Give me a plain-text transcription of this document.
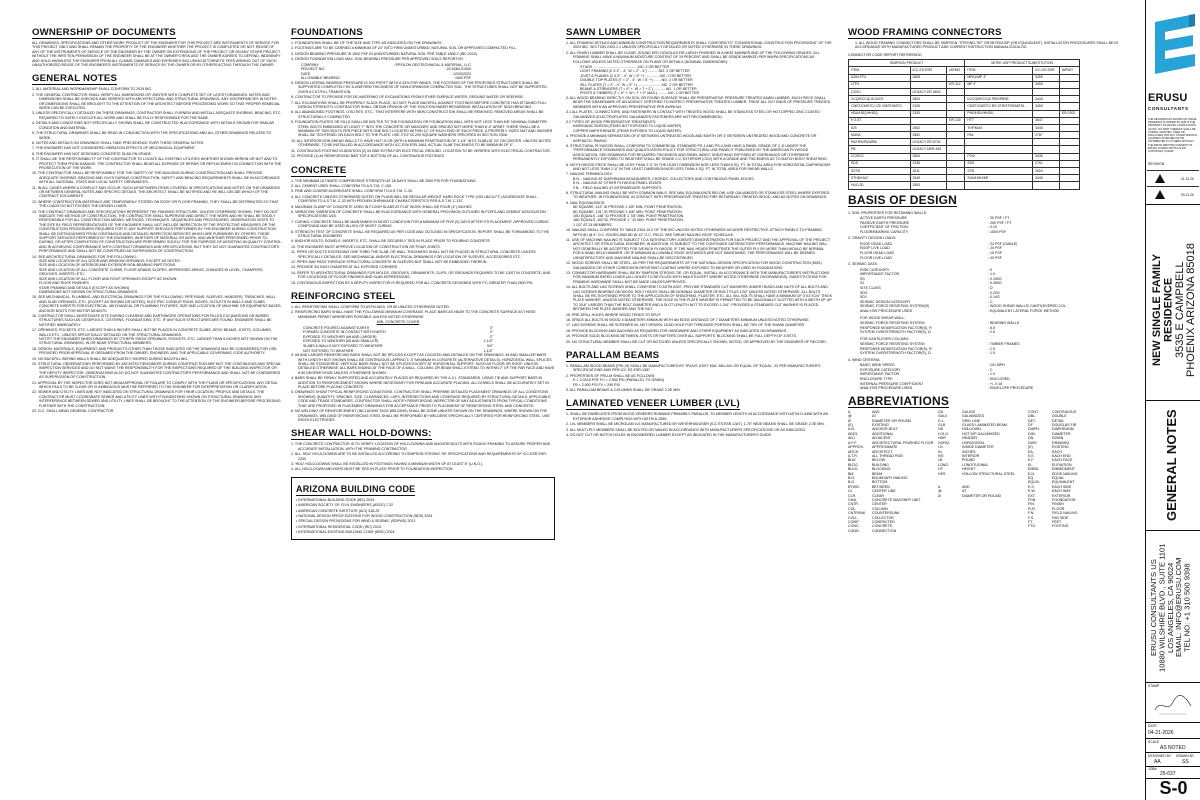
OWNERSHIP OF DOCUMENTS
ALL DRAWINGS, SPECIFICATIONS AND OTHER WORK PRODUCT OF THE ENGINEER FOR THIS PROJECT ARE INSTRUMENTS OF SERVICE FOR THIS PROJECT ONLY AND SHALL REMAIN THE PROPERTY OF THE ENGINEER WHETHER THE PROJECT IS COMPLETED OR NOT. REUSE OF ANY OF THE INSTRUMENTS OF SERVICE OF THE ENGINEER BY THE OWNER ON EXTENSIONS OF THE PROJECT OR ON ANY OTHER PROJECT WITHOUT THE WRITTEN PERMISSION OF THE ENGINEER SHALL BE AT THE OWNER'S RISK AND THE OWNER AGREES TO DEFEND, INDEMNIFY AND HOLD HARMLESS THE ENGINEER FROM ALL CLAIMS, DAMAGES AND EXPENSES INCLUDING ATTORNEYS' FEES ARISING OUT OF SUCH UNAUTHORIZED REUSE OF THE ENGINEER'S INSTRUMENTS OF SERVICE BY THE OWNER OR BY OTHERS ACTING THROUGH THE OWNER.
GENERAL NOTES
1. ALL MATERIAL AND WORKMANSHIP SHALL CONFORM TO 2024 IBC.
2. THE GENERAL CONTRACTOR SHALL VERIFY ALL DIMENSIONS OR JOINTER WITH COMPLETE SET OF LATEST DRAWINGS, NOTES AND DIMENSIONS SHALL BE CHECKED AND VERIFIED WITH ARCHITECTURAL AND STRUCTURAL DRAWINGS. ANY DISCREPANCIES IN NOTES OR DIMENSIONS SHALL BE BROUGHT TO THE ATTENTION OF THE ARCHITECT BEFORE PROCEEDING WORK SO THAT PROPER REMEDIAL WORK CAN BE EXECUTED.
3. UNLESS SPECIFICALLY DETAILED ON THESE DRAWINGS, CONTRACTOR SHALL FURNISH AND INSTALL ADEQUATE SHORING, BRACING, ETC. REQUIRED TO SAFELY EXECUTE ALL WORK AND SHALL BE FULLY RESPONSIBLE FOR THE SAME.
4. DETAILS AND CONDITIONS NOT SPECIFICALLY SHOWN SHALL BE CONSTRUCTED IN ACCORDANCE WITH DETAILS SHOWN FOR SIMILAR CONDITION AND MATERIAL.
5. THE STRUCTURAL DRAWINGS SHALL BE READ IN CONJUNCTION WITH THE SPECIFICATIONS AND ALL OTHER DRAWINGS RELATED TO WORK.
6. NOTES AND DETAILS ON DRAWINGS SHALL TAKE PRECEDENCE OVER THESE GENERAL NOTES.
7. THE ENGINEER HAS NOT CONSIDERED VIBRATION EFFECTS OF MECHANICAL EQUIPMENT.
8. THE ENGINEER HAS NOT DESIGNED CONCRETE SLAB ON GRADE.
9. IT SHALL BE THE RESPONSIBILITY OF THE CONTRACTOR TO LOCATE ALL EXISTING UTILITIES WHETHER SHOWN HEREIN OR NOT AND TO PROTECT THEM FROM DAMAGE. THE CONTRACTOR SHALL BEAR ALL EXPENSE OF REPAIR OR REPLACEMENT IN CONNECTION WITH THE PROSECUTION OF THE WORK.
10. THE CONTRACTOR SHALL BE RESPONSIBLE FOR THE SAFETY OF THE BUILDING DURING CONSTRUCTION AND SHALL PROVIDE ADEQUATE SHORING, BRACING AND GUYS DURING CONSTRUCTION. SAFETY AND BRACING REQUIREMENTS SHALL BE IN ACCORDANCE WITH ALL NATIONAL, STATE AND LOCAL SAFETY ORDINANCES.
11. IN ALL CASES WHERE A CONFLICT MAY OCCUR, SUCH AS BETWEEN ITEMS COVERED IN SPECIFICATIONS AND NOTES ON THE DRAWINGS OR BETWEEN GENERAL NOTES AND SPECIFIC DETAILS, THE ARCHITECT SHALL BE NOTIFIED AND HE WILL DECIDE WHICH OF THE CONTRACT DOCUMENTS.
12. WHERE CONSTRUCTION MATERIALS ARE TEMPORARILY STORED ON ROOF OR FLOOR FRAMING, THEY SHALL BE DISTRIBUTED SO THAT THE LOADS DO NOT EXCEED THE DESIGN LOADS.
13. THE CONTRACT DRAWINGS AND SPECIFICATIONS REPRESENT THE FINISHED STRUCTURE. UNLESS OTHERWISE SHOWN, THEY DO NOT INDICATE THE METHOD OF CONSTRUCTION. THE CONTRACTOR SHALL SUPERVISE AND DIRECT THE WORK AND HE SHALL BE SOLELY RESPONSIBLE FOR ALL CONSTRUCTION MEANS, METHODS, TECHNIQUES, SEQUENCES AND PROCEDURES. OBSERVATION VISITS TO THE SITE BY FIELD REPRESENTATIVES OF THE ENGINEER SHALL NOT INCLUDE INSPECTION OF THE PROTECTIVE MEASURES OR THE CONSTRUCTION PROCEDURES REQUIRED FOR IT. ANY SUPPORT SERVICES PERFORMED BY THE ENGINEER DURING CONSTRUCTION SHALL BE DISTINGUISHED FROM CONTINUOUS AND DETAILED INSPECTION SERVICES WHICH ARE FURNISHED BY OTHERS. THESE SUPPORT SERVICES PERFORMED BY THE ENGINEER, WHETHER OF MATERIAL OR WORK, AND WHETHER PERFORMED PRIOR TO, DURING, OR AFTER COMPLETION OF CONSTRUCTION ARE PERFORMED SOLELY FOR THE PURPOSE OF ASSISTING IN QUALITY CONTROL AND IN ACHIEVING CONFORMANCE WITH CONTRACT DRAWINGS AND SPECIFICATIONS, BUT THEY DO NOT GUARANTEE CONTRACTOR'S PERFORMANCE AND SHALL NOT BE CONSTRUED AS SUPERVISION OF CONSTRUCTION.
14. SEE ARCHITECTURAL DRAWINGS FOR THE FOLLOWING:
SIZE AND LOCATION OF ALL DOOR AND WINDOW OPENINGS, EXCEPT AS NOTED.
SIZE AND LOCATION OF INTERIOR AND EXTERIOR NON-BEARING PARTITIONS.
SIZE AND LOCATION OF ALL CONCRETE CURBS, FLOOR DRAINS SLOPES, DEPRESSED AREAS, CHANGES IN LEVEL, CHAMFERS, GROOVES, INSERTS, ETC.
SIZE AND LOCATION OF ALL FLOOR AND ROOF OPENINGS EXCEPT AS SHOWN.
FLOOR AND ROOF FINISHES.
STAIR FRAMING AND DETAILS (EXCEPT AS SHOWN).
DIMENSIONS NOT SHOWN ON STRUCTURAL DRAWINGS.
15. SEE MECHANICAL, PLUMBING, AND ELECTRICAL DRAWINGS FOR THE FOLLOWING: PIPE RUNS, SLEEVES, HANGERS, TRENCHES, WALL AND SLAB OPENINGS, ETC. (EXCEPT AS SHOWN OR NOTED), ELECTRIC CONDUIT RUNS, BOXES, OUTLETS IN WALLS AND SLABS, CONCRETE INSERTS FOR ELECTRICAL, MECHANICAL OR PLUMBING FIXTURES, SIZE AND LOCATION OF MACHINE OR EQUIPMENT BASES, ANCHOR BOLTS FOR MOTOR MOUNTS.
16. CONTRACTOR SHALL INVESTIGATE SITE DURING CLEARING AND EARTHWORK OPERATIONS FOR FILLED EXCAVATIONS OR BURIED STRUCTURES SUCH AS CESSPOOLS, CISTERNS, FOUNDATIONS, ETC. IF ANY SUCH STRUCTURES ARE FOUND, ENGINEER SHALL BE NOTIFIED IMMEDIATELY.
17. OPENINGS, POCKETS, ETC. LARGER THAN 6 INCHES SHALL NOT BE PLACED IN CONCRETE SLABS, DECK BEAMS, JOISTS, COLUMNS, WALLS ETC., UNLESS SPECIFICALLY DETAILED ON THE STRUCTURAL DRAWINGS.
NOTIFY THE ENGINEER WHEN DRAWINGS BY OTHERS SHOW OPENINGS, POCKETS, ETC. LARGER THAN 6 INCHES NOT SHOWN ON THE STRUCTURAL DRAWINGS, IN OR NEAR STRUCTURAL MEMBERS.
18. DESIGN, MATERIALS, EQUIPMENT, AND PRODUCTS OTHER THAN THOSE INDICATED ON THE DRAWINGS MAY BE CONSIDERED FOR USE, PROVIDED PRIOR APPROVAL IS OBTAINED FROM THE OWNER, ENGINEER, AND THE APPLICABLE GOVERNING CODE AUTHORITY.
19. NO BACKFILL BEHIND WALLS SHALL BE ADEQUATELY SHORED DURING BACKFILLING.
20. STRUCTURAL OBSERVATIONS PERFORMED BY ARCHITECT/ENGINEER DURING CONSTRUCTION ARE NOT THE CONTINUOUS AND SPECIAL INSPECTION SERVICES AND DO NOT WAIVE THE RESPONSIBILITY FOR THE INSPECTIONS REQUIRED OF THE BUILDING INSPECTOR OR THE DEPUTY INSPECTOR. OBSERVATIONS ALSO DO NOT GUARANTEE CONTRACTOR'S PERFORMANCE AND SHALL NOT BE CONSIDERED AS SUPERVISION OF CONSTRUCTION.
21. APPROVAL BY THE INSPECTOR DOES NOT MEAN APPROVAL OF FAILURE TO COMPLY WITH THE PLANS OR SPECIFICATIONS. ANY DETAIL WHICH FAILS TO BE CLEAR OR IS AMBIGUOUS MUST BE REFERRED TO THE ENGINEER FOR INTERPRETATION OR CLARIFICATION.
22. SEWER AND UTILITY LINES ARE NOT INDICATED ON STRUCTURAL DRAWINGS FOR THEIR LOCATION, PROFILE AND DETAILS. THE CONTRACTOR MUST COORDINATE SEWER AND UTILITY LINES WITH FOUNDATIONS SHOWN ON STRUCTURAL DRAWINGS. ANY INTERFERENCE BETWEEN SEWER AND UTILITY LINES SHALL BE BROUGHT TO THE ATTENTION OF THE ENGINEER BEFORE PROCEEDING FURTHER WITH THE CONSTRUCTION.
23. G.C. SHALL MEAN GENERAL CONTRACTOR.
FOUNDATIONS
1. FOUNDATIONS SHALL BE OF THE SIZE AND TYPE AS INDICATED ON THE DRAWINGS.
2. FOOTINGS ARE TO BE CARRIED A MINIMUM OF 24" INTO FIRM UNDISTURBED, NATURAL SOIL OR APPROVED COMPACTED FILL.
3. DESIGN BEARING PRESSURE IS 1500 PSF IN UNDISTURBED NATURAL SOIL PER TABLE 1806.2 (IBC 2024).
4. DESIGN FOUNDATION LOAD MAX. SOIL BEARING PRESSURE PER APPROVED SOILS REPORT BY:
COMPANY	: EPSILON GEOTECHNICAL & MATERIAL, LLC
PROJECT NO.	: 23-0284-01000
DATE	: 12/20/2023
ALLOWABLE BEARING	: 1500 PSF
5. DESIGN LATERAL BEARING PRESSURE IS 200 PSF/FT WITH A 33% FOR WINDS. THE FOOTINGS OF THE PROPOSED STRUCTURES SHALL BE SUPPORTED COMPLETELY BY A UNIFORM THICKNESS OF NON-EXPANSIVE COMPACTED SOIL. THE STRUCTURES SHALL NOT BE SUPPORTED OVER A CUT/FILL TRANSITION.
6. CONTRACTOR TO PROVIDE FOR DE-WATERING OF EXCAVATIONS FROM EITHER SURFACE WATER, GROUND WATER OR SEEPAGE.
7. ALL EXCAVATIONS SHALL BE PROPERLY SLACK PLACE. DO NOT PLACE BACKFILL AGAINST FOOTINGS BEFORE CONCRETE HAS ATTAINED FULL DESIGN STRENGTH. CONTRACTOR SHALL OBTAIN OPINION OF THE SOILS ENGINEER REGARDING INSTALLATION OF SUCH BRACING.
8. ALL ABANDONED FOOTINGS, UTILITIES, ETC., THAT INTERFERE WITH NEW CONSTRUCTION SHALL BE REMOVED. REMOVED AREAS SHALL BE STRUCTURALLY COMPACTED.
9. FOUNDATION PLATES OR SILLS SHALL BE BOLTED TO THE FOUNDATION OR FOUNDATION WALL WITH NOT LESS THAN 5/8" NOMINAL DIAMETER STEEL BOLTS EMBEDDED AT LEAST 7" INTO THE CONCRETE OR MASONRY AND SPACED NOT MORE THAN 6'-0" APART. THERE SHALL BE A MINIMUM OF TWO BOLTS PER PIECE WITH ONE BOLT LOCATED WITHIN 12" OF EACH END OF EACH PIECE. A PROPERLY SIZED NUT AND WASHER SHALL BE TIGHTENED ON EACH BOLT TO THE PLATE. USE 3"X3"X0.229 SQUARE WASHERS SPECIFIED IN SECTION 2308.
10. ALL INTERIOR NON-SHEAR WALLS TO HAVE HILTI X-CR (WITH A MINIMUM PENETRATION OF 1-1/4" INTO SLAB) AT 24" ON CENTER. UNLESS NOTED OTHERWISE. TO BE INSTALLED IN ACCORDANCE WITH ICC ES# ESR-1663. ACTUAL SLAB THICKNESS TO BE MINIMUM OF 4".
11. CONTINUOUS FOOTING IN ADDITION (2) #4 BAR EXTRA FOR ELECTRICAL GROUND. LOCATION TO BE VERIFIED WITH ELECTRICAL CONTRACTOR.
12. PROVIDE (1) #4 REINFORCING BAR TOP & BOTTOM OF ALL CONTINUOUS FOOTINGS.
CONCRETE
1. THE MINIMUM ULTIMATE COMPRESSIVE STRENGTH AT 28 DAYS SHALL BE 2500 PSI FOR FOUNDATIONS.
2. ALL CEMENT USED SHALL CONFORM TO A.S.T.M. C-150.
3. FINE AND COARSE AGGREGATE SHALL CONFORM TO A.S.T.M. C-33.
4. ALL CONCRETE UNLESS OTHERWISE NOTED ON PLANS WILL BE REGULAR WEIGHT HARD ROCK TYPE (150 LB/CU.FT.) AGGREGATE SHALL CONFORM TO A.S.T.M. C-33 WITH PROVEN SHRINKAGE CHARACTERISTICS PER A.S.T.M. C-157.
5. MAXIMUM SLUMP OF CONCRETE USED IN FLOOR SLABS AT FLAT WORK SHALL BE FOUR (4") INCHES.
6. VIBRATION: VIBRATION OF CONCRETE SHALL BE IN ACCORDANCE WITH GENERAL PROVISION OUTLINED IN PORTLAND CEMENT ASSOCIATION SPECIFICATIONS 3/18.
7. CURING: CONCRETE SHALL BE MAINTAINED IN MOIST CONDITION FOR A MINIMUM OF FIVE (5) DAYS AFTER ITS PLACEMENT. APPROVED CURING COMPOUND MAY BE USED IN LIEU OF MOIST CURING.
8. STRENGTH TEST OF CONCRETE SHALL BE REQUIRED AS PER CODE AND OUTLINED IN SPECIFICATION. REPORT SHALL BE FORWARDED TO THE STRUCTURAL ENGINEER.
9. ANCHOR BOLTS, DOWELS, INSERTS, ETC. SHALL BE SECURELY TIED IN PLACE PRIOR TO POURING CONCRETE.
10. THE ENGINEER MUST APPROVE LOCATION OF CONSTRUCTION OR POUR JOINTS.
11. PIPES OR DUCTS EXCEEDING ONE THIRD THE SLAB, OR WALL THICKNESS SHALL NOT BE PLACED IN STRUCTURAL CONCRETE UNLESS SPECIFICALLY DETAILED. SEE MECHANICAL AND/OR ELECTRICAL DRAWINGS FOR LOCATION OF SLEEVES, ACCESSORIES ETC.
12. PIPES MAY PASS THROUGH STRUCTURAL CONCRETE IN SLEEVES BUT SHALL NOT BE EMBEDDED THEREIN.
13. PROVIDE 3/4 INCH CHAMFER AT ALL EXPOSED CORNERS.
14. REFER TO ARCHITECTURAL DRAWINGS FOR MOLDS, GROOVES, ORNAMENTS, CLIPS, OR GROUNDS REQUIRED TO BE CAST IN CONCRETE, AND FOR LOCATIONS OF FLOOR FINISHES AND SLAB DEPRESSIONS.
15. CONTINUOUS INSPECTION BY A DEPUTY INSPECTOR IS REQUIRED FOR ALL CONCRETE DESIGNED WITH F'C GREATER THAN 2500 PSI.
REINFORCING STEEL
1. ALL REINFORCING SHALL CONFORM TO ASTM A615, GR 60 UNLESS OTHERWISE NOTED.
2. REINFORCING BARS SHALL HAVE THE FOLLOWING MINIMUM COVERAGE. PLACE BARS AS NEAR TO THE CONCRETE SURFACE AS THESE MINIMUMS PERMIT WHEREVER POSSIBLE UNLESS NOTED OTHERWISE:
MIN. CONCRETE COVER
CONCRETE POURED AGAINST EARTH	3"
FORMED CONCRETE IN CONTACT WITH EARTH	2"
EXPOSED TO WEATHER (#6 AND LARGER)	2"
EXPOSED TO WEATHER (#5 AND SMALLER)	1-1/2"
SLABS & WALLS NOT EXPOSED TO WEATHER	3/4"
NOT EXPOSED TO WEATHER	1-1/2"
3. #5 AND LARGER REINFORCING BARS SHALL NOT BE SPLICED EXCEPT AS LOCATED AND DETAILED ON THE DRAWINGS. #4 AND SMALLER BARS WITH LENGTH NOT SHOWN SHALL BE CONTINUOUS LAPPING 1'-0" MINIMUM IN CONCRETE (ALTERNATIVE DETAILS). HORIZONTAL WALL SPLICES SHALL BE STAGGERED. VERTICAL BARS SHALL NOT BE SPLICED EXCEPT AT HORIZONTAL SUPPORT, SUCH AS FLOOR OR ROOF, UNLESS DETAILED OTHERWISE. ALL BARS ENDING AT THE FACE OF A WALL, COLUMN, OR BEAM SHALL EXTEND TO WITHIN 2" OF THE FAR FACE AND HAVE A 90 DEGREE HOOK UNLESS OTHERWISE SHOWN.
4. BARS SHALL BE FIRMLY SUPPORTED AND ACCURATELY PLACED AS REQUIRED BY THE A.C.I. STANDARDS, USING TIE AND SUPPORT BARS IN ADDITION TO REINFORCEMENT SHOWN WHERE NECESSARY FOR FIRM AND ACCURATE PLACING. ALL DOWELS SHALL BE ACCURATELY SET IN PLACE BEFORE PLACING CONCRETE.
5. DRAWINGS SHOW TYPICAL REINFORCING CONDITIONS. CONTRACTOR SHALL PREPARE DETAILED PLACEMENT DRAWINGS OF ALL CONDITIONS SHOWING QUANTITY, SPACING, SIZE, CLEARANCES, LAPS, INTERSECTIONS AND COVERAGE REQUIRED BY STRUCTURAL DETAILS, APPLICABLE CODE AND TRADE STANDARDS. CONTRACTOR SHALL NOTIFY REINFORCING INSPECTOR OF ANY ADJUSTMENTS FROM TYPICAL CONDITIONS THAT ARE PROPOSED IN PLACEMENT DRAWINGS FOR ACCEPTANCE PRIOR TO PLACEMENT OF REINFORCING STEEL AND CONCRETE.
6. NO WELDING OF REINFORCEMENT (INCLUDING TACK WELDING) SHALL BE DONE UNLESS SHOWN ON THE DRAWINGS. WHERE SHOWN ON THE DRAWINGS, WELDING OF REINFORCING STEEL SHALL BE PERFORMED BY WELDERS SPECIFICALLY CERTIFIED FOR REINFORCING STEEL. USE E90XX ELECTRODES.
SHEAR WALL HOLD-DOWNS:
1. THE CONCRETE CONTRACTOR IS TO VERIFY LOCATION OF HOLD-DOWNS AND ANCHOR BOLTS WITH ROUGH FRAMING TO ASSURE PROPER AND ACCURATE INSTALLATION, WITH THE FRAMING CONTRACTOR.
2. ALL 'HDU' HOLD-DOWNS ARE TO BE INSTALLED ACCORDING TO SIMPSON STRONG-TIE SPECIFICATIONS AND REQUIREMENTS OF ICC-ESR ESR-2330.
3. 'HDU' HOLD-DOWNS SHALL BE INSTALLED IN FOOTINGS HAVING A MINIMUM WIDTH OF AT LEAST 8" (U.N.O.).
4. ALL HOLD-DOWN ANCHORS MUST BE TIED IN PLACE PRIOR TO FOUNDATION INSPECTION.
ARIZONA BUILDING CODE
• INTERNATIONAL BUILDING CODE (IBC) 2024
• AMERICAN SOCIETY OF CIVIL ENGINEERS (ASCE) 7-22
• AMERICAN CONCRETE INSTITUTE (ACI) 318-25
• NATIONAL DESIGN SPECIFICATIONS FOR WOOD CONSTRUCTION (NDS) 2024
• SPECIAL DESIGN PROVISIONS FOR WIND & SEISMIC (SDPWS) 2021
• INTERNATIONAL RESIDENTIAL CODE (IRC) 2024
• INTERNATIONAL EXISTING BUILDING CODE (IEBC) 2024
SAWN LUMBER
1. ALL FRAMING DETAILS AND MINIMUM CONSTRUCTION REQUIREMENTS SHALL CONFORM TO "CONVENTIONAL CONSTRUCTION PROVISIONS" OF THE 2024 IBC, SECTION 2303.1.1 UNLESS SPECIFICALLY DETAILED OR NOTED OTHERWISE IN THESE DRAWINGS.
2. ALL FINISH LUMBER SHALL BE CLEAR, SOUND DRY DOUGLAS FIR-LARCH FINISHED IN A NEAT MANNER AND OF THE FOLLOWING GRADES. ALL FRAMING SHALL HAVE A MAXIMUM MOISTURE CONTENT OF 19 PERCENT AND SHALL BE GRADE MARKED PER WWPA SPECIFICATIONS AS FOLLOWS UNLESS NOTED OTHERWISE ON PLANS OR DETAILS (NOMINAL DIMENSIONS):
STUDS .............................................NO. 2 OR BETTER
LIGHT FRAMING (2 X 2" - 4", W = 2" - 4") ...........NO. 2 OR BETTER
JOIST & PLANKS (2 X 5" - 4", W = 5" +) ...............NO. 2 OR BETTER
DOUBLE TOP PLATES (T = 2" - 4", W = 5" +) ........NO. 2 OR BETTER
SILL PLATES (T = 2" - 4", W = 5" +) ........................NO. 2 OR BETTER
BEAMS & STRINGERS (T = 5" +, W > T + 2") ............NO. 1 OR BETTER
POSTS & TIMBERS (T = 5" +, W = T + 2" MAX.) ..........NO. 1 OR BETTER
3. ALL WOOD BEARING DIRECTLY ON SOIL OR FOUND SURFACE SHALL BE PRESERVATIVE PRESSURE TREATED SAWN LUMBER, EACH PIECE SHALL BEAR THE GRADEMARK OF AN AGENCY CERTIFIED TO INSPECT PRESERVATIVE TREATED LUMBER. TREAT ALL CUT ENDS OF PRESSURE TREATED MEMBERS WITH AN APPROVED PRESERVATIVE PER AWPA M4.
3.1 ALL PLATES, CONNECTORS, AND FASTENERS IN CONTACT WITH TREATED WOOD SHALL BE STAINLESS STEEL OR HOT-DIPPED ZINC COATED GALVANIZED (ELECTROPLATED GALVANIZED FASTENERS ARE NOT RECOMMENDED).
3.2 TYPES OF WOOD PRESERVATIVE TREATMENTS:
INORGANIC BORON (ITEMS NOT EXPOSED TO LIQUID WATER).
COPPER NAPHTHENATE (ITEMS EXPOSED TO LIQUID WATER).
4. PROVIDE A MINIMUM SEPARATION OF 8" BETWEEN UNTREATED WOOD AND EARTH OR 3" BETWEEN UNTREATED WOOD AND CONCRETE OR ASPHALTIC PAVING.
5. STRUCTURAL PLYWOOD SHALL CONFORM TO COMMERCIAL STANDARD PS-1 AND PS-2 AND HAVE A PANEL GRADE OF C-D UNDER THE "PERFORMANCE STANDARDS AND QUALIFICATION POLICY FOR STRUCTURAL USE PANELS" PUBLISHED BY THE AMERICAN PLYWOOD ASSOCIATION. SEE DRAWINGS FOR REQUIRED THICKNESS AND PANEL INDEX. SHEATHING EXPOSED AT OVERHANGS OR OTHERWISE PERMANENTLY EXPOSED TO WEATHER SHALL BE GRADE C-C EXTERIOR (CDX) WITH A GRADE AND THICKNESS AS TO MATCH BODY SHEATHING.
6. NO PLYWOOD PIECE SHALL BE LESS THAN 2'-0" IN THE LEAST DIMENSION NOR LESS THAN 8 SQ. FT. IN TOTAL AREA FOR HORIZONTAL DIAPHRAGMS AND NOT LESS THAN 1'-0" IN THE LEAST DIMENSION NOR LESS THAN 4 SQ. FT. IN TOTAL AREA FOR SHEAR WALLS.
7. NAILING TERMINOLOGY:
B.N. - NAILING AT DIAPHRAGM BOUNDARIES, CHORDS, COLLECTORS AND CONTINUOUS PANEL EDGES.
E.N. - NAILING AT OTHER PLYWOOD PANEL EDGES.
F.N. - FIELD NAILING AT INTERMEDIATE SUPPORTS.
8. STRUCTURAL NAILING SHALL BE WITH COMMON NAILS. SEE NAIL EQUIVALENCE BELOW. USE GALVANIZED OR STAINLESS STEEL WHERE EXPOSED TO WEATHER, IN FOUNDATIONS, IN CONTACT WITH PRESERVATIVE-TREATED FIRE RETARDANT-TREATED WOOD, AND AS NOTED ON DRAWINGS.
9. NAIL EQUIVALENCE:
8D SQUARE .113" ID PROVIDE 1 3/8" MIN. POINT PENETRATION
8D SQUARE .131" ID PROVIDE 1 5/8" MIN. POINT PENETRATION
10D EQUALS .148" ID PROVIDE 1 7/8" MIN. POINT PENETRATION
16D EQUALS .162"ID, PROVIDE 1 " ID MIN. POINT PENETRATION
1 1/2" AT 24 MEMBERS.
10. NAILING SHALL CONFORM TO TABLE 2304.10.2 OF THE IBC UNLESS NOTED OTHERWISE AS MORE RESTRICTIVE. ATTACH PANELS TO FRAMING WITH 8D @ 6" O.C. EDGES AND 8D @ 12" O.C. FIELD. SEE SHEAR NAILING ROOF SCHEDULE.
11. USE OF MACHINE NAILING IS SUBJECT TO A SATISFACTORY JOBSITE DEMONSTRATION FOR EACH PROJECT AND THE APPROVAL OF THE PROJECT ARCHITECT OR STRUCTURAL ENGINEER, IN ADDITION, IS SUBJECT TO THE CONTINUED SATISFACTORY PERFORMANCE. MACHINE NAILING WILL NOT GENERALLY BE ACCEPTED FOR 3/8 INCH PLYWOOD. IF THE NAIL HEADS PENETRATE THE OUTER PLY BY MORE THAN WOULD BE NORMAL FOR A HAND HELD HAMMER, OR IF MINIMUM ALLOWABLE EDGE DISTANCES ARE NOT MAINTAINED. THE PERFORMANCE WILL BE DEEMED UNSATISFACTORY AND MACHINE NAILING SHALL BE DISCONTINUED.
12. WOOD SCREWS SHALL BE STEEL, AS PER THE REQUIREMENTS OF THE NATIONAL DESIGN SPECIFICATION FOR WOOD CONSTRUCTION (NDS). GALVANIZED OR OTHER CORROSION RESISTANT COATING WHERE EXPOSED TO WEATHER OR USED IN FOUNDATIONS.
13. CONNECTOR HARDWARE SHALL BE BY SIMPSON STRONG-TIE, OR EQUAL, INSTALL IN ACCORDANCE WITH THE MANUFACTURER'S INSTRUCTIONS FOR MAXIMUM RATED LOADS (ALL HOLES TO BE FILLED WITH NAILS EXCEPT WHERE NOTED OTHERWISE ON DRAWINGS). SUBSTITUTIONS FOR FRAMING HARDWARE SHALL NOT BE MADE UNLESS APPROVED.
14. ALL BOLTS AND LAG SCREWS SHALL CONFORM TO ASTM A307. PROVIDE STANDARD CUT WASHERS UNDER HEADS AND NUTS OF ALL BOLTS AND LAG SCREWS BEARING ON WOOD. BOLT HOLES SHALL BE NOMINAL DIAMETER OF BOLT PLUS 1/32" UNLESS NOTED OTHERWISE. ALL BOLTS SHALL BE RE-TIGHTENED PRIOR TO THE APPLICATION OF SHEATHING, PLASTER, ETC. ALL SILL BOLTS SHALL HAVE A MINIMUM OF 3"X3"X1/4" THICK PLATE WASHER. UNLESS NOTED OTHERWISE, THE HOLE IN THE PLATE WASHER IS PERMITTED TO BE DIAGONALLY SLOTTED WITH A WIDTH OF UP TO 3/16" LARGER THAN THE BOLT DIAMETER AND A SLOT LENGTH NOT TO EXCEED 1-3/4", PROVIDED A STANDARD CUT WASHER IS PLACED BETWEEN THE PLATE WASHER AND THE NUT.
15. PRE-DRILL HOLES WHERE WOOD TENDS TO SPLIT.
16. SPACE ALL BOLTS IN WOOD 4 DIAMETERS MINIMUM WITH AN EDGE DISTANCE OF 7 DIAMETERS MINIMUM UNLESS NOTED OTHERWISE.
17. LAG SCREWS SHALL BE SCREWED IN, NOT DRIVEN. LEAD HOLE FOR THREADED PORTION SHALL BE 75% OF THE SHANK DIAMETER.
18. PROVIDE BLOCKING AND BACKING AS REQUIRED FOR HARDWARE AND OTHER EQUIPMENT AS INDICATED ON DRAWINGS.
19. PROVIDE SOLID BLOCKING BETWEEN JOISTS OR RAFTERS OVER ALL SUPPORTS. BLOCKING SHALL BE FULL DEPTH OF JOISTS.
20. NO STRUCTURAL MEMBER SHALL BE CUT OR NOTCHED UNLESS SPECIFICALLY SHOWN, NOTED, OR APPROVED BY THE ENGINEER OF RECORD.
PARALLAM BEAMS
1. PARALLAM WOOD BEAMS (PRL,M) SHALL BE MANUFACTURED BY TRUUS JOIST MAC MILLAN, OR EQUAL OF 'EQUAL', ID PER MANUFACTURER'S SPECIFICATIONS AND PER ICC ES ESR-1387.
2. PROPERTIES OF PRLLM SHALL BE AS FOLLOWS:
E = 2.0X10 PSF FC = 2,900 PSI (PARALLEL TO GRAIN)
FB = 2,900 PSI FV = 290 PSI
3. ALL PARALLAM BEAMS & COLUMNS SHALL BE GRADE 2.0E MIN.
LAMINATED VENEER LUMBER (LVL)
1. SHALL BE FABRICATED FROM WOOD VENEERS RUNNING PRIMARILY PARALLEL TO MEMBER LENGTH IN ACCORDANCE WITH ASTM D-5456 WITH AN EXTERIOR ADHESIVE COMPLYING WITH ASTM D-2559.
2. LVL MEMBERS SHALL BE MICROLAM LVL MANUFACTURED BY WEYERHAEUSER (ICC ES ESR-1387). 1.75" WIDE BEAMS SHALL BE GRADE 2.0E MIN.
3. ALL MULTI-PLY MEMBERS SHALL BE BOLTED OR NAILED IN ACCORDANCE WITH MANUFACTURERS SPECIFICATIONS OR AS INDICATED.
4. DO NOT CUT OR NOTCH HOLES IN ENGINEERED LUMBER EXCEPT AS INDICATED IN THE MANUFACTURER'S GUIDE.
WOOD FRAMING CONNECTORS
1. ALL WOOD FRAMING CONNECTORS SHALL BE SIMPSON "STRONG-TIE" OR MITEK/USP (OR EQUIVALENT). INSTALLATION PROCEDURES SHALL BE IN ACCORDANCE WITH MANUFACTURED PRODUCT AND CURRENT INSTRUCTION MANUAL/CATALOG.
CONNECTOR CODE REPORT REFERENCE:
SIMPSON PRODUCT			MITEK USP PRODUCT SUBSTITUTION		
ITEM	ICC-ES ESR	IAPMO	ITEM	ICC-ES ESR	IAPMO
A35/LTP4	2608		MPA1/MP 3"	3455	
LTP4		ER-112	MP 4"	3455	
CS/SJ	LEGACY ER-5603				
CCQ/ECCQ/ ACA/CE	2604		KCCQ/KECCQ/ PBS/PBSE	3444	
CMST/CMSTC/ CS/ CMST/MSTC	2105		CMST/CMSTC/ RS STR/STRS/MSTA	3455	
HDU/HDQ/HHDQ	2330		PHD/HDU/HHDU		ER-0202
H 2.5T		ER-130	HTT	3647	
IUS	2552		THF/MUS	3445	
MASA	2552		PA4	2787	
PA/HPA/PA/MPA/	LEGACY ER-5704				
PB	LEGACY NER-440				
CC/ECC	2604		PCM	3445	
SDS	2236		SDS	2761	
SSTB	2611		STB	2604	
STHD/HUC	2549		SUH/HDH/MF	3445	
HUC/JD	2553				
BASIS OF DESIGN
1. SOIL PROPERTIES FOR RETAINING WALLS:
ACTIVE EARTH PRESSURE	: 30 PSF / FT
PASSIVE EARTH PRESSURE	: 250 PSF / FT
COEFFICIENT OF FRICTION	: 0.10
FLOOR/BEARING CAPACITY	: 1500 PSF
2. GRAVITY DESIGN LOADS:
ROOF DEAD LOAD	: 24 PSF (GABLE)
ROOF LIVE LOAD	: 20 PSF
FLOOR DEAD LOAD	: 15 PSF
FLOOR LIVE LOAD	: 40 PSF
3. SEISMIC DATA:
RISK CATEGORY	: II
IMPORTANCE FACTOR	: 1.0
SS	: 0.190G
S1	: 0.059G
SITE CLASS	: D
SDS	: 0.20G
SD1	: 0.14G
SEISMIC DESIGN CATEGORY	: C
SEISMIC FORCE RESISTING SYSTEM(S)	: WOOD SHEAR WALLS/ CANTILEVERED COL.
ANALYSIS PROCEDURE USED	: EQUIVALENT LATERAL FORCE METHOD
FOR WOOD SHEAR WALL:
SEISMIC FORCE RESISTING SYSTEM	: BEARING WALLS
RESPONSE MODIFICATION FACTOR(S), R	: 6.5
SYSTEM OVERSTRENGTH FACTOR(S), Ω	: 2.5
FOR CANTILEVER COLUMN:
SEISMIC FORCE RESISTING SYSTEM	: TIMBER FRAMES
RESPONSE MODIFICATION FACTOR(S), R	: 1.5
SYSTEM OVERSTRENGTH FACTOR(S), Ω	: 1.5
4. WIND CRITERIA:
BASIC WIND SPEED	: 101 MPH
EXPOSURE CATEGORY	: C
IMPORTANCE FACTOR	: 1.0
ENCLOSURE TYPE	: ENCLOSED
INTERNAL PRESSURE COEFFICIENT	: +/- 0.18
ANALYSIS PROCEDURE USED	: ENVELOPE PROCEDURE
ABBREVIATIONS
&	AND	GA	GAUGE	CONT.	CONTINUOUS
@	AT	GALV	GALVANIZED	DBL.	DOUBLE
Ø	DIAMETER OR ROUND	G.L.	GRID LINE	DET.	DETAIL
(E)	EXISTING	GLB	GLUED LAMINATED BEAM	DF	DOUGLAS FIR
A.B.	ANCHOR BOLT	HD	HOLDOWN	DIAPH.	DIAPHRAGM
ADD'L	ADDITIONAL	H.D.G.	HOT DIP GALVANIZED	DIM.	DIAMETER
ADJ	ADJACENT	HDR	HEADER	DN.	DOWN
A.F.F.	ARCHITECTURAL FINISHED FLOOR HORIZ.	HORIZONTAL	DWG	DRAWING
APPROX.	APPROXIMATE	I.D.	INSIDE DIAMETER	(E)	EXISTING
ARCH	ARCHITECT	IN.	INCHES	EA.	EACH
A.T.R.	ALL THREAD ROD	INT.	INTERIOR	E.E.	EACH END
BLW	BELOW	LB	POUND	E.F.	EACH FACE
BLDG.	BUILDING	LONG.	LONGITUDINAL	EL.	ELEVATION
BLKG.	BLOCKING	HT.	HEIGHT	EMBD.	EMBEDMENT
BM.	BEAM	HSS	HOLLOW STRUCTURAL STEEL	E.N.	EDGE NAILING
B.N.	BOUNDARY NAILING	EQ.	EQUAL
B.O.	BOTTOM	EQUIV.	EQUIVALENT
BTWN.	BETWEEN	&	AND	E.S.	EACH SIDE
CL	CENTER LINE	@	AT	E.W.	EACH WAY
CLR.	CLEAR	Ø	DIAMETER OR ROUND	EXT.	EXTERIOR
CMU.	CONCRETE MASONRY UNIT	FDN	FOUNDATION
CNTR.	CENTER	FIN.	FINISH
COL.	COLUMN	FLR.	FLOOR
CNTRSNK	COUNTERSUNK	F.N.	FIELD NAILING
COLL.	COLLECTOR	F.S.	FAR SIDE
COMP.	COMPACTED	FT.	FEET
CONC.	CONCRETE	FTG.	FOOTING
CONN.	CONNECTION
ERUSU
CONSULTANTS
THE INFORMATION SHOWN ON THESE DRAWINGS IS OWNED BY AND IS THE PROPERTY OF ERUSU CONSULTANTS US INC. NO PART THEREOF SHALL BE COPIED, ADAPTED, USED OR DISCLOSED FOR ANY OTHER SPECIFIC ACOPIED LISTED BELOW OR DISTRIBUTED TO OTHERS WITHOUT THE PRIOR WRITTEN CONSENT OF ERUSU CONSULTANTS US INC. COPYRIGHT (C)2025
REVISION
01-12-26
03-21-26
NEW SINGLE FAMILY RESIDENCE 3535 E CAMPBELL PHOENIX ARIZONA 85018
GENERAL NOTES
ERUSU CONSULTANTS US 10880 WILSHIRE BLVD., SUITE 1101 LOS ANGELES, CA 90024 EMAIL: INFO@ERUSU.COM TEL NO: +1 310 500 9398
STAMP
DATE
04-21-2026
SCALE
AS NOTED
DESIGNED BY DRAWN BY
AA	SS
JOB#
25-037
S-0
